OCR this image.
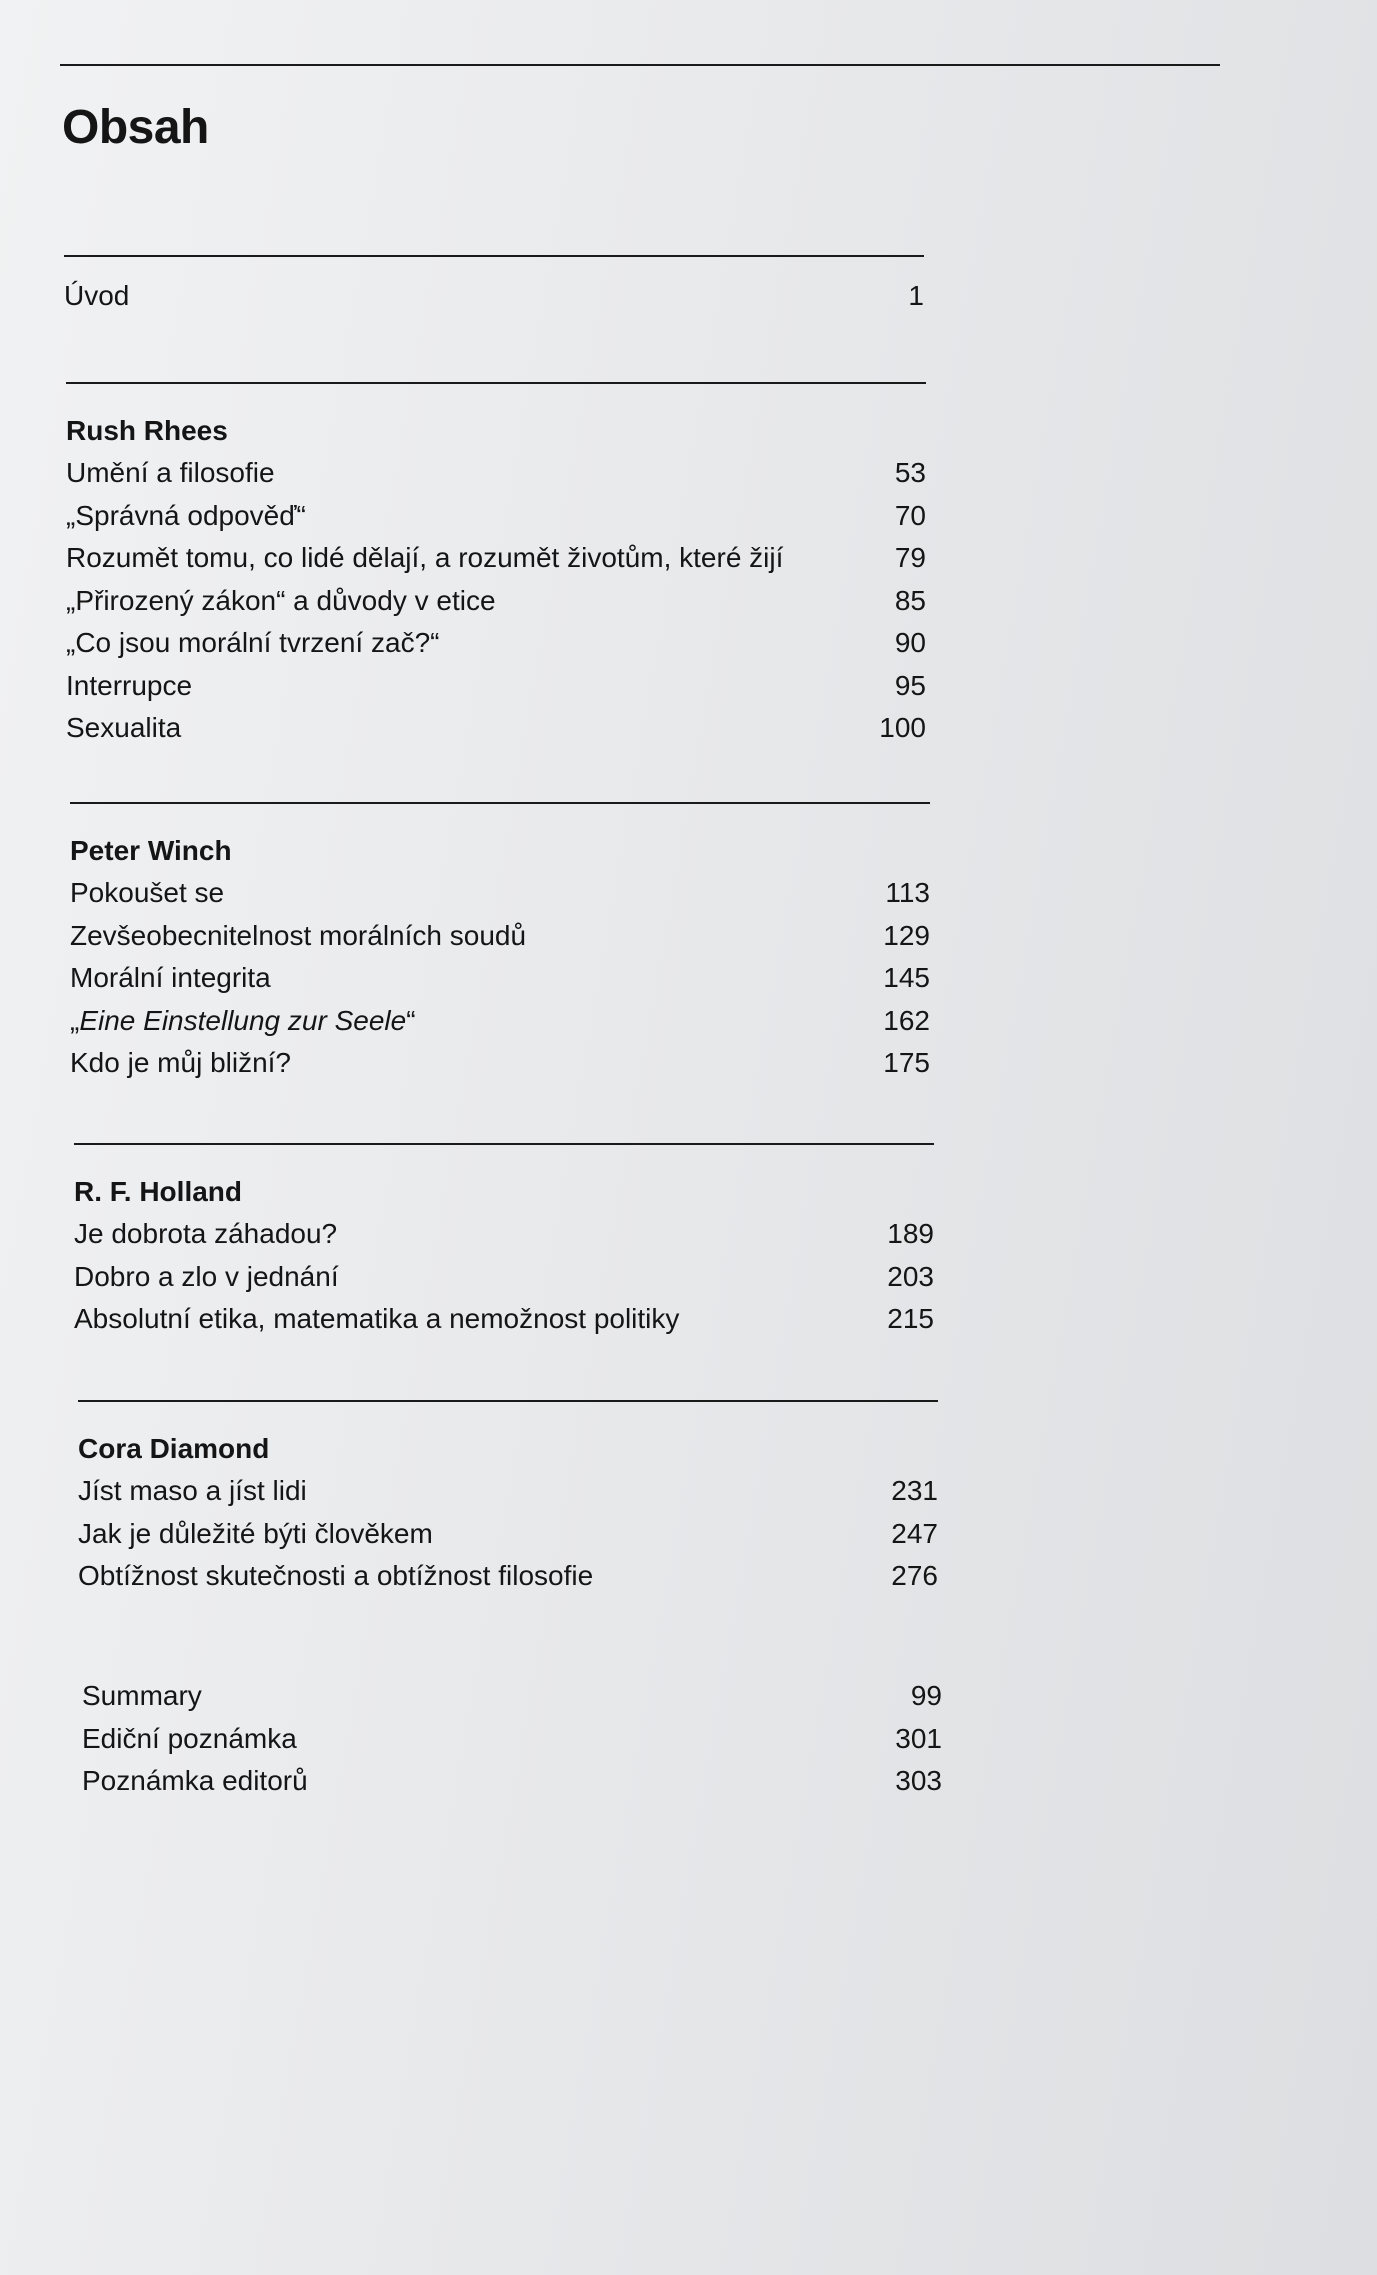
Obsah
Úvod	1
Rush Rhees
Umění a filosofie	53
„Správná odpověď“	70
Rozumět tomu, co lidé dělají, a rozumět životům, které žijí	79
„Přirozený zákon“ a důvody v etice	85
„Co jsou morální tvrzení zač?“	90
Interrupce	95
Sexualita	100
Peter Winch
Pokoušet se	113
Zevšeobecnitelnost morálních soudů	129
Morální integrita	145
„Eine Einstellung zur Seele“	162
Kdo je můj bližní?	175
R. F. Holland
Je dobrota záhadou?	189
Dobro a zlo v jednání	203
Absolutní etika, matematika a nemožnost politiky	215
Cora Diamond
Jíst maso a jíst lidi	231
Jak je důležité býti člověkem	247
Obtížnost skutečnosti a obtížnost filosofie	276
Summary	99
Ediční poznámka	301
Poznámka editorů	303
